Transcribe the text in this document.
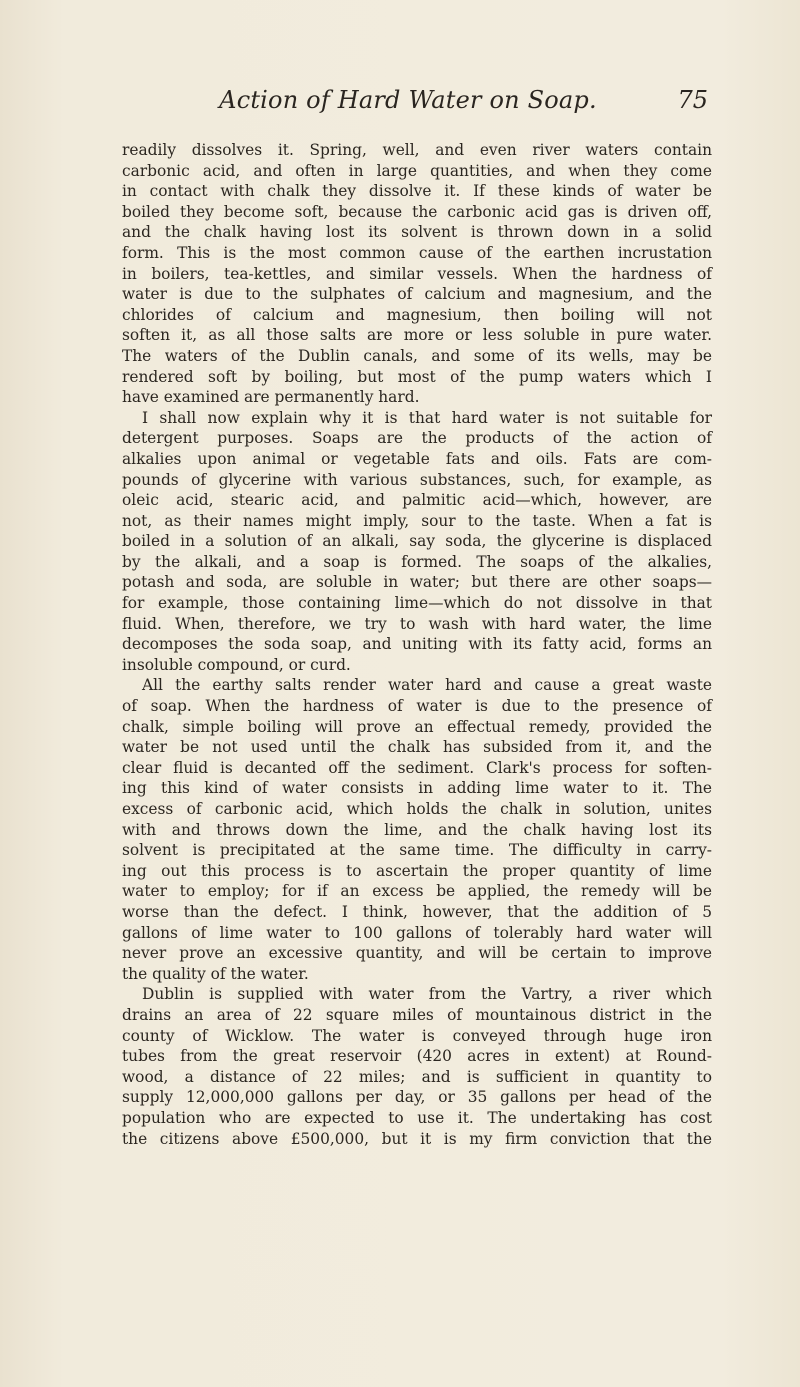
Action of Hard Water on Soap.	75

readily dissolves it. Spring, well, and even river waters contain
carbonic acid, and often in large quantities, and when they come
in contact with chalk they dissolve it. If these kinds of water be
boiled they become soft, because the carbonic acid gas is driven off,
and the chalk having lost its solvent is thrown down in a solid
form. This is the most common cause of the earthen incrustation
in boilers, tea-kettles, and similar vessels. When the hardness of
water is due to the sulphates of calcium and magnesium, and the
chlorides of calcium and magnesium, then boiling will not
soften it, as all those salts are more or less soluble in pure water.
The waters of the Dublin canals, and some of its wells, may be
rendered soft by boiling, but most of the pump waters which I
have examined are permanently hard.

I shall now explain why it is that hard water is not suitable for
detergent purposes. Soaps are the products of the action of
alkalies upon animal or vegetable fats and oils. Fats are com-
pounds of glycerine with various substances, such, for example, as
oleic acid, stearic acid, and palmitic acid—which, however, are
not, as their names might imply, sour to the taste. When a fat is
boiled in a solution of an alkali, say soda, the glycerine is displaced
by the alkali, and a soap is formed. The soaps of the alkalies,
potash and soda, are soluble in water; but there are other soaps—
for example, those containing lime—which do not dissolve in that
fluid. When, therefore, we try to wash with hard water, the lime
decomposes the soda soap, and uniting with its fatty acid, forms an
insoluble compound, or curd.

All the earthy salts render water hard and cause a great waste
of soap. When the hardness of water is due to the presence of
chalk, simple boiling will prove an effectual remedy, provided the
water be not used until the chalk has subsided from it, and the
clear fluid is decanted off the sediment. Clark's process for soften-
ing this kind of water consists in adding lime water to it. The
excess of carbonic acid, which holds the chalk in solution, unites
with and throws down the lime, and the chalk having lost its
solvent is precipitated at the same time. The difficulty in carry-
ing out this process is to ascertain the proper quantity of lime
water to employ; for if an excess be applied, the remedy will be
worse than the defect. I think, however, that the addition of 5
gallons of lime water to 100 gallons of tolerably hard water will
never prove an excessive quantity, and will be certain to improve
the quality of the water.

Dublin is supplied with water from the Vartry, a river which
drains an area of 22 square miles of mountainous district in the
county of Wicklow. The water is conveyed through huge iron
tubes from the great reservoir (420 acres in extent) at Round-
wood, a distance of 22 miles; and is sufficient in quantity to
supply 12,000,000 gallons per day, or 35 gallons per head of the
population who are expected to use it. The undertaking has cost
the citizens above £500,000, but it is my firm conviction that the
